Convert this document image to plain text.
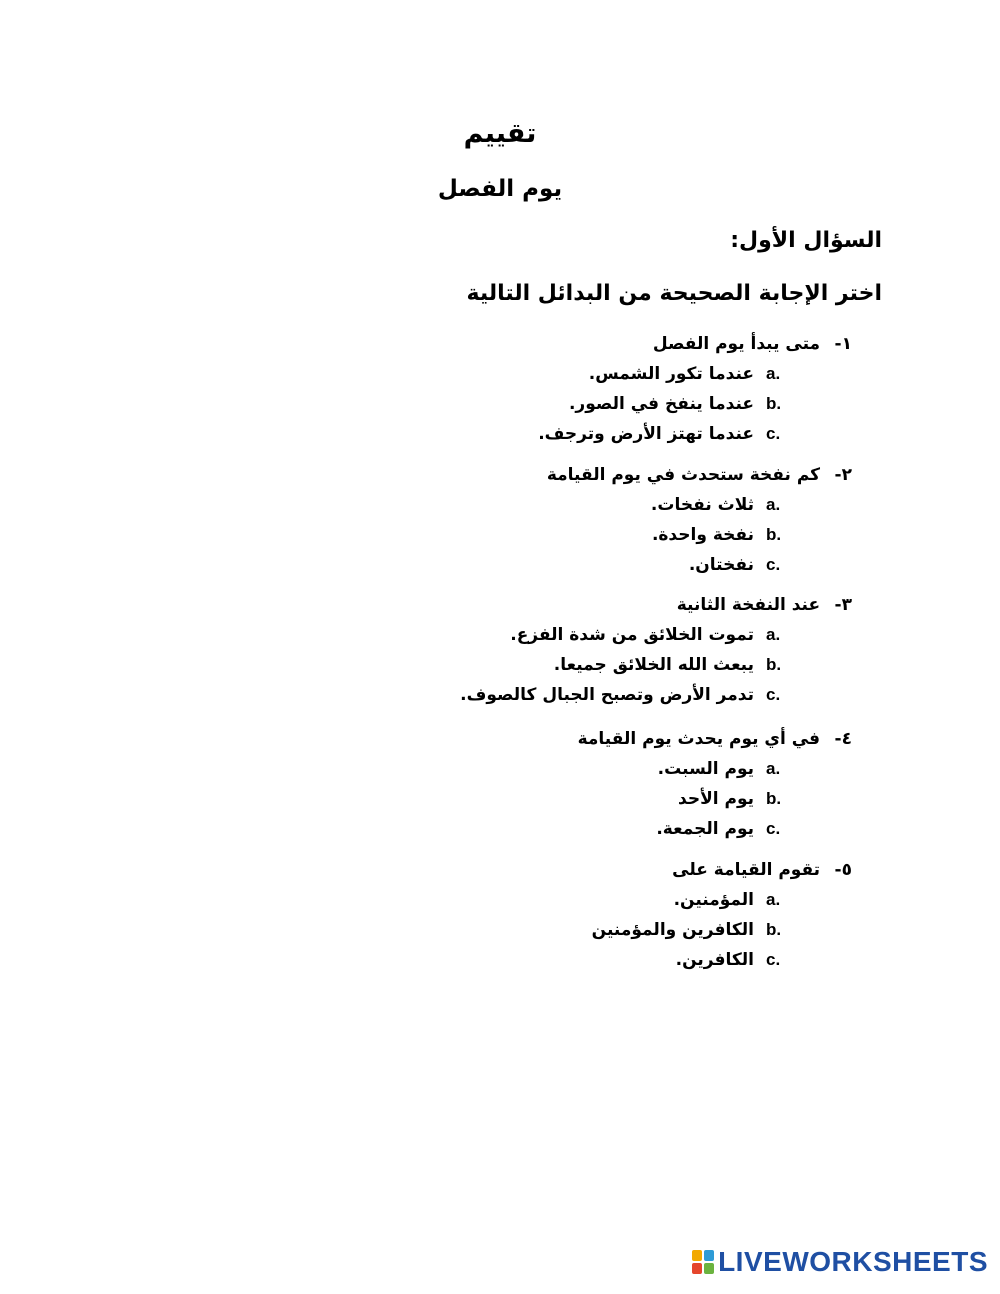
تقييم
يوم الفصل
السؤال الأول:
اختر الإجابة الصحيحة من البدائل التالية
١- متى يبدأ يوم الفصل
a.عندما تكور الشمس.
b.عندما ينفخ في الصور.
c.عندما تهتز الأرض وترجف.
٢- كم نفخة ستحدث في يوم القيامة
a.ثلاث نفخات.
b.نفخة واحدة.
c.نفختان.
٣- عند النفخة الثانية
a.تموت الخلائق من شدة الفزع.
b.يبعث الله الخلائق جميعا.
c.تدمر الأرض وتصبح الجبال كالصوف.
٤- في أي يوم يحدث يوم القيامة
a.يوم السبت.
b.يوم الأحد
c.يوم الجمعة.
٥- تقوم القيامة على
a.المؤمنين.
b.الكافرين والمؤمنين
c.الكافرين.
LIVEWORKSHEETS
